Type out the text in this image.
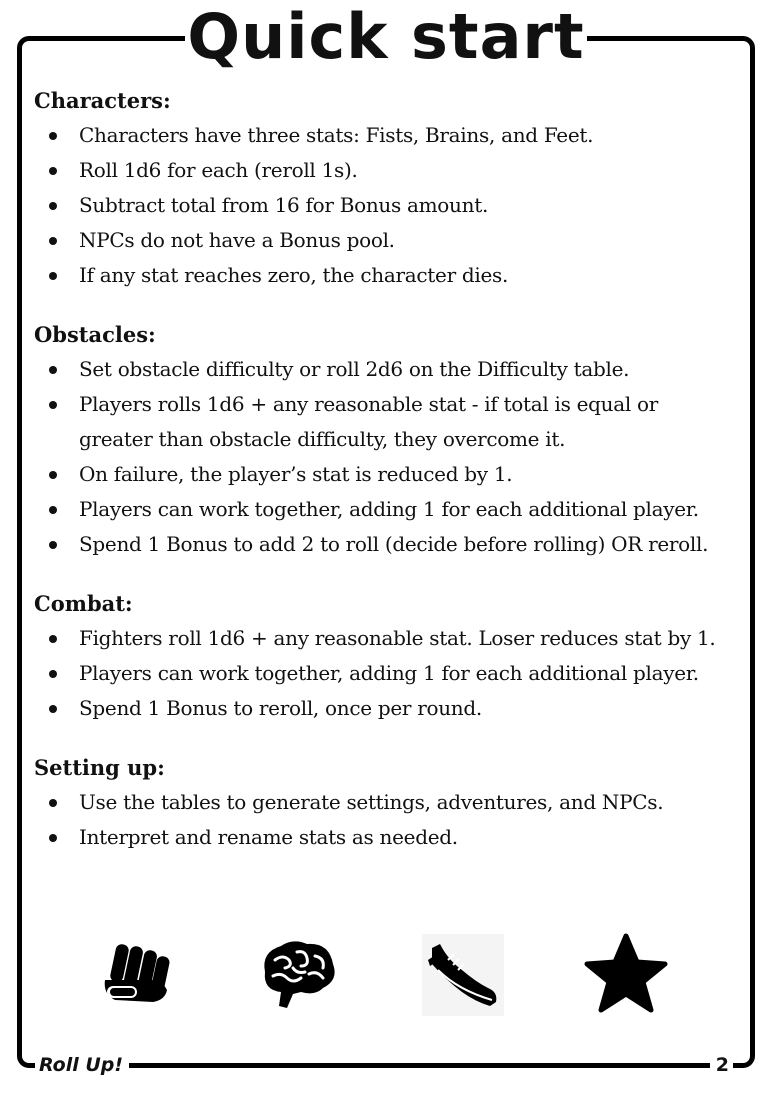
Quick start
Characters:
Characters have three stats: Fists, Brains, and Feet.
Roll 1d6 for each (reroll 1s).
Subtract total from 16 for Bonus amount.
NPCs do not have a Bonus pool.
If any stat reaches zero, the character dies.
Obstacles:
Set obstacle difficulty or roll 2d6 on the Difficulty table.
Players rolls 1d6 + any reasonable stat - if total is equal or greater than obstacle difficulty, they overcome it.
On failure, the player’s stat is reduced by 1.
Players can work together, adding 1 for each additional player.
Spend 1 Bonus to add 2 to roll (decide before rolling) OR reroll.
Combat:
Fighters roll 1d6 + any reasonable stat. Loser reduces stat by 1.
Players can work together, adding 1 for each additional player.
Spend 1 Bonus to reroll, once per round.
Setting up:
Use the tables to generate settings, adventures, and NPCs.
Interpret and rename stats as needed.
Roll Up!	2
